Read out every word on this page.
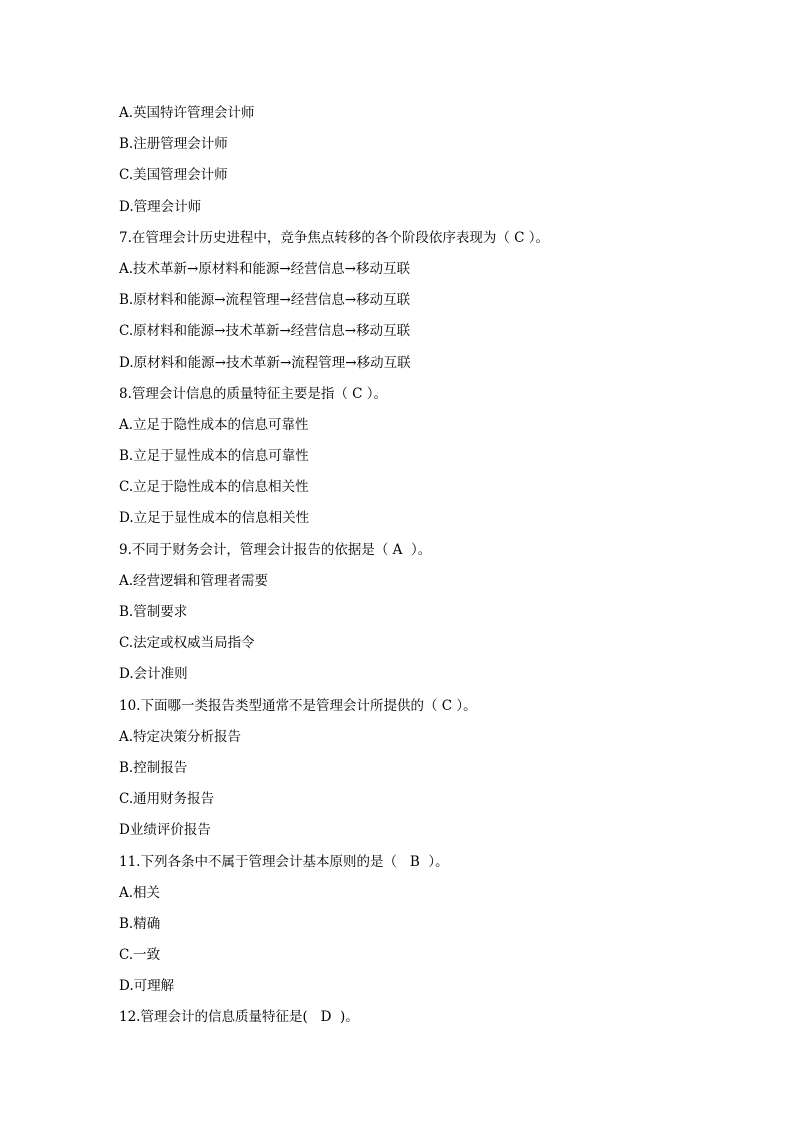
A.英国特许管理会计师
B.注册管理会计师
C.美国管理会计师
D.管理会计师
7.在管理会计历史进程中，竞争焦点转移的各个阶段依序表现为（ C ）。
A.技术革新→原材料和能源→经营信息→移动互联
B.原材料和能源→流程管理→经营信息→移动互联
C.原材料和能源→技术革新→经营信息→移动互联
D.原材料和能源→技术革新→流程管理→移动互联
8.管理会计信息的质量特征主要是指（ C ）。
A.立足于隐性成本的信息可靠性
B.立足于显性成本的信息可靠性
C.立足于隐性成本的信息相关性
D.立足于显性成本的信息相关性
9.不同于财务会计，管理会计报告的依据是（ A  ）。
A.经营逻辑和管理者需要
B.管制要求
C.法定或权威当局指令
D.会计准则
10.下面哪一类报告类型通常不是管理会计所提供的（ C ）。
A.特定决策分析报告
B.控制报告
C.通用财务报告
D业绩评价报告
11.下列各条中不属于管理会计基本原则的是（   B  ）。
A.相关
B.精确
C.一致
D.可理解
12.管理会计的信息质量特征是(   D  )。
